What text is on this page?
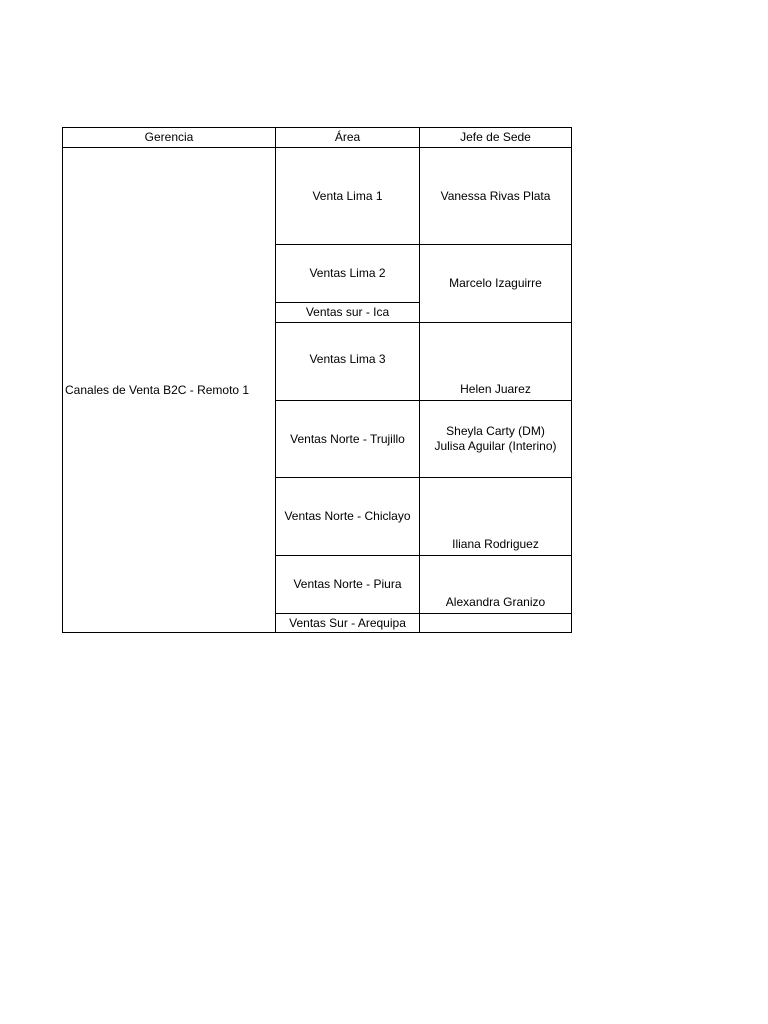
Gerencia	Área	Jefe de Sede
Canales de Venta B2C - Remoto 1
Venta Lima 1
Ventas Lima 2
Ventas sur - Ica
Ventas Lima 3
Ventas Norte - Trujillo
Ventas Norte - Chiclayo
Ventas Norte - Piura
Ventas Sur - Arequipa
Vanessa Rivas Plata
Marcelo Izaguirre
Helen Juarez
Sheyla Carty (DM)
Julisa Aguilar (Interino)
Iliana Rodriguez
Alexandra Granizo
